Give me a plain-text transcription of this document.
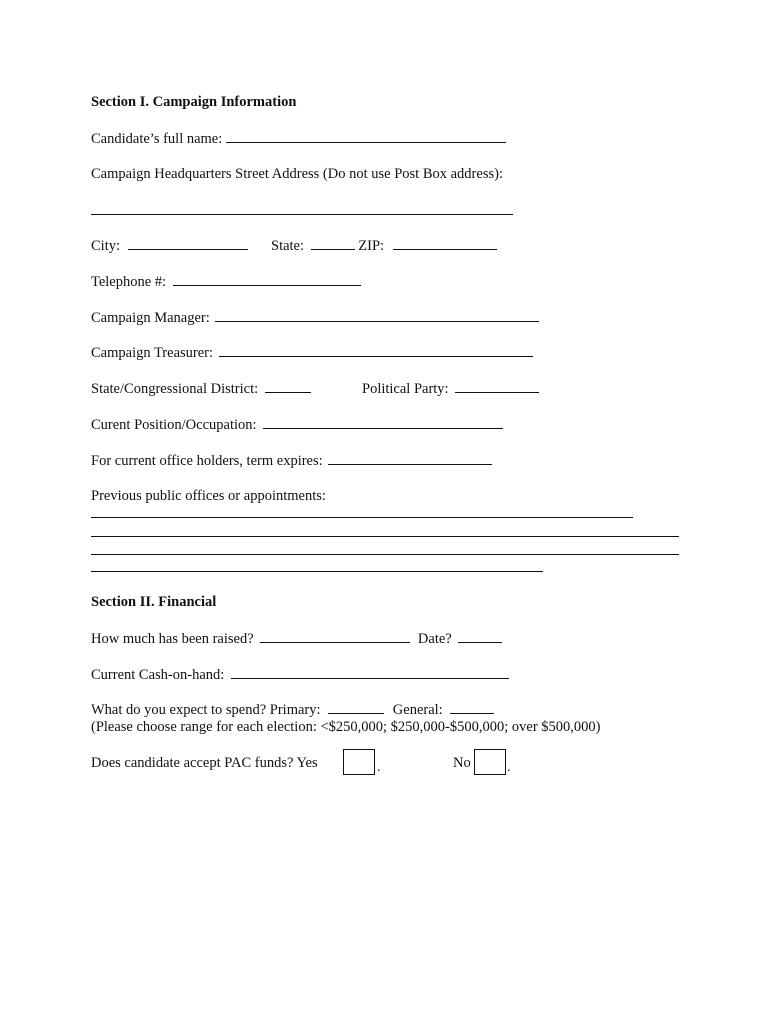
Section I. Campaign Information
Candidate’s full name:
Campaign Headquarters Street Address (Do not use Post Box address):
City:	State:	ZIP:
Telephone #:
Campaign Manager:
Campaign Treasurer:
State/Congressional District:	Political Party:
Curent Position/Occupation:
For current office holders, term expires:
Previous public offices or appointments:
Section II. Financial
How much has been raised?	Date?
Current Cash-on-hand:
What do you expect to spend? Primary:	General:
(Please choose range for each election: <$250,000; $250,000-$500,000; over $500,000)
Does candidate accept PAC funds? Yes	.	No	.
